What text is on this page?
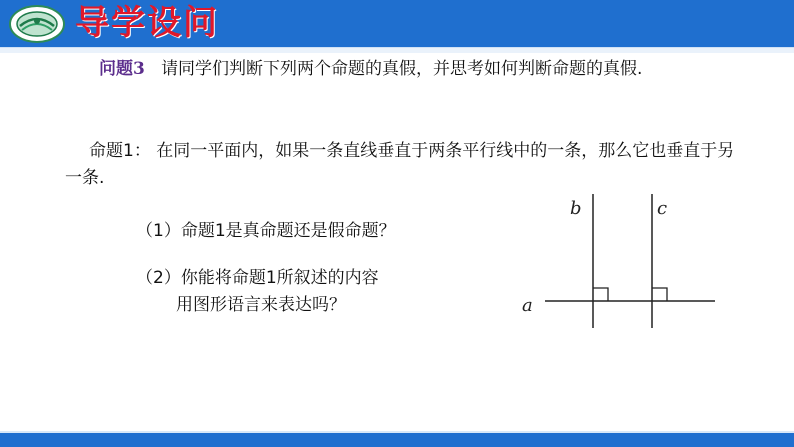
导学设问
问题3 请同学们判断下列两个命题的真假，并思考如何判断命题的真假.
命题1： 在同一平面内，如果一条直线垂直于两条平行线中的一条，那么它也垂直于另一条.
（1）命题1是真命题还是假命题？
（2）你能将命题1所叙述的内容
用图形语言来表达吗？
b	c
a
